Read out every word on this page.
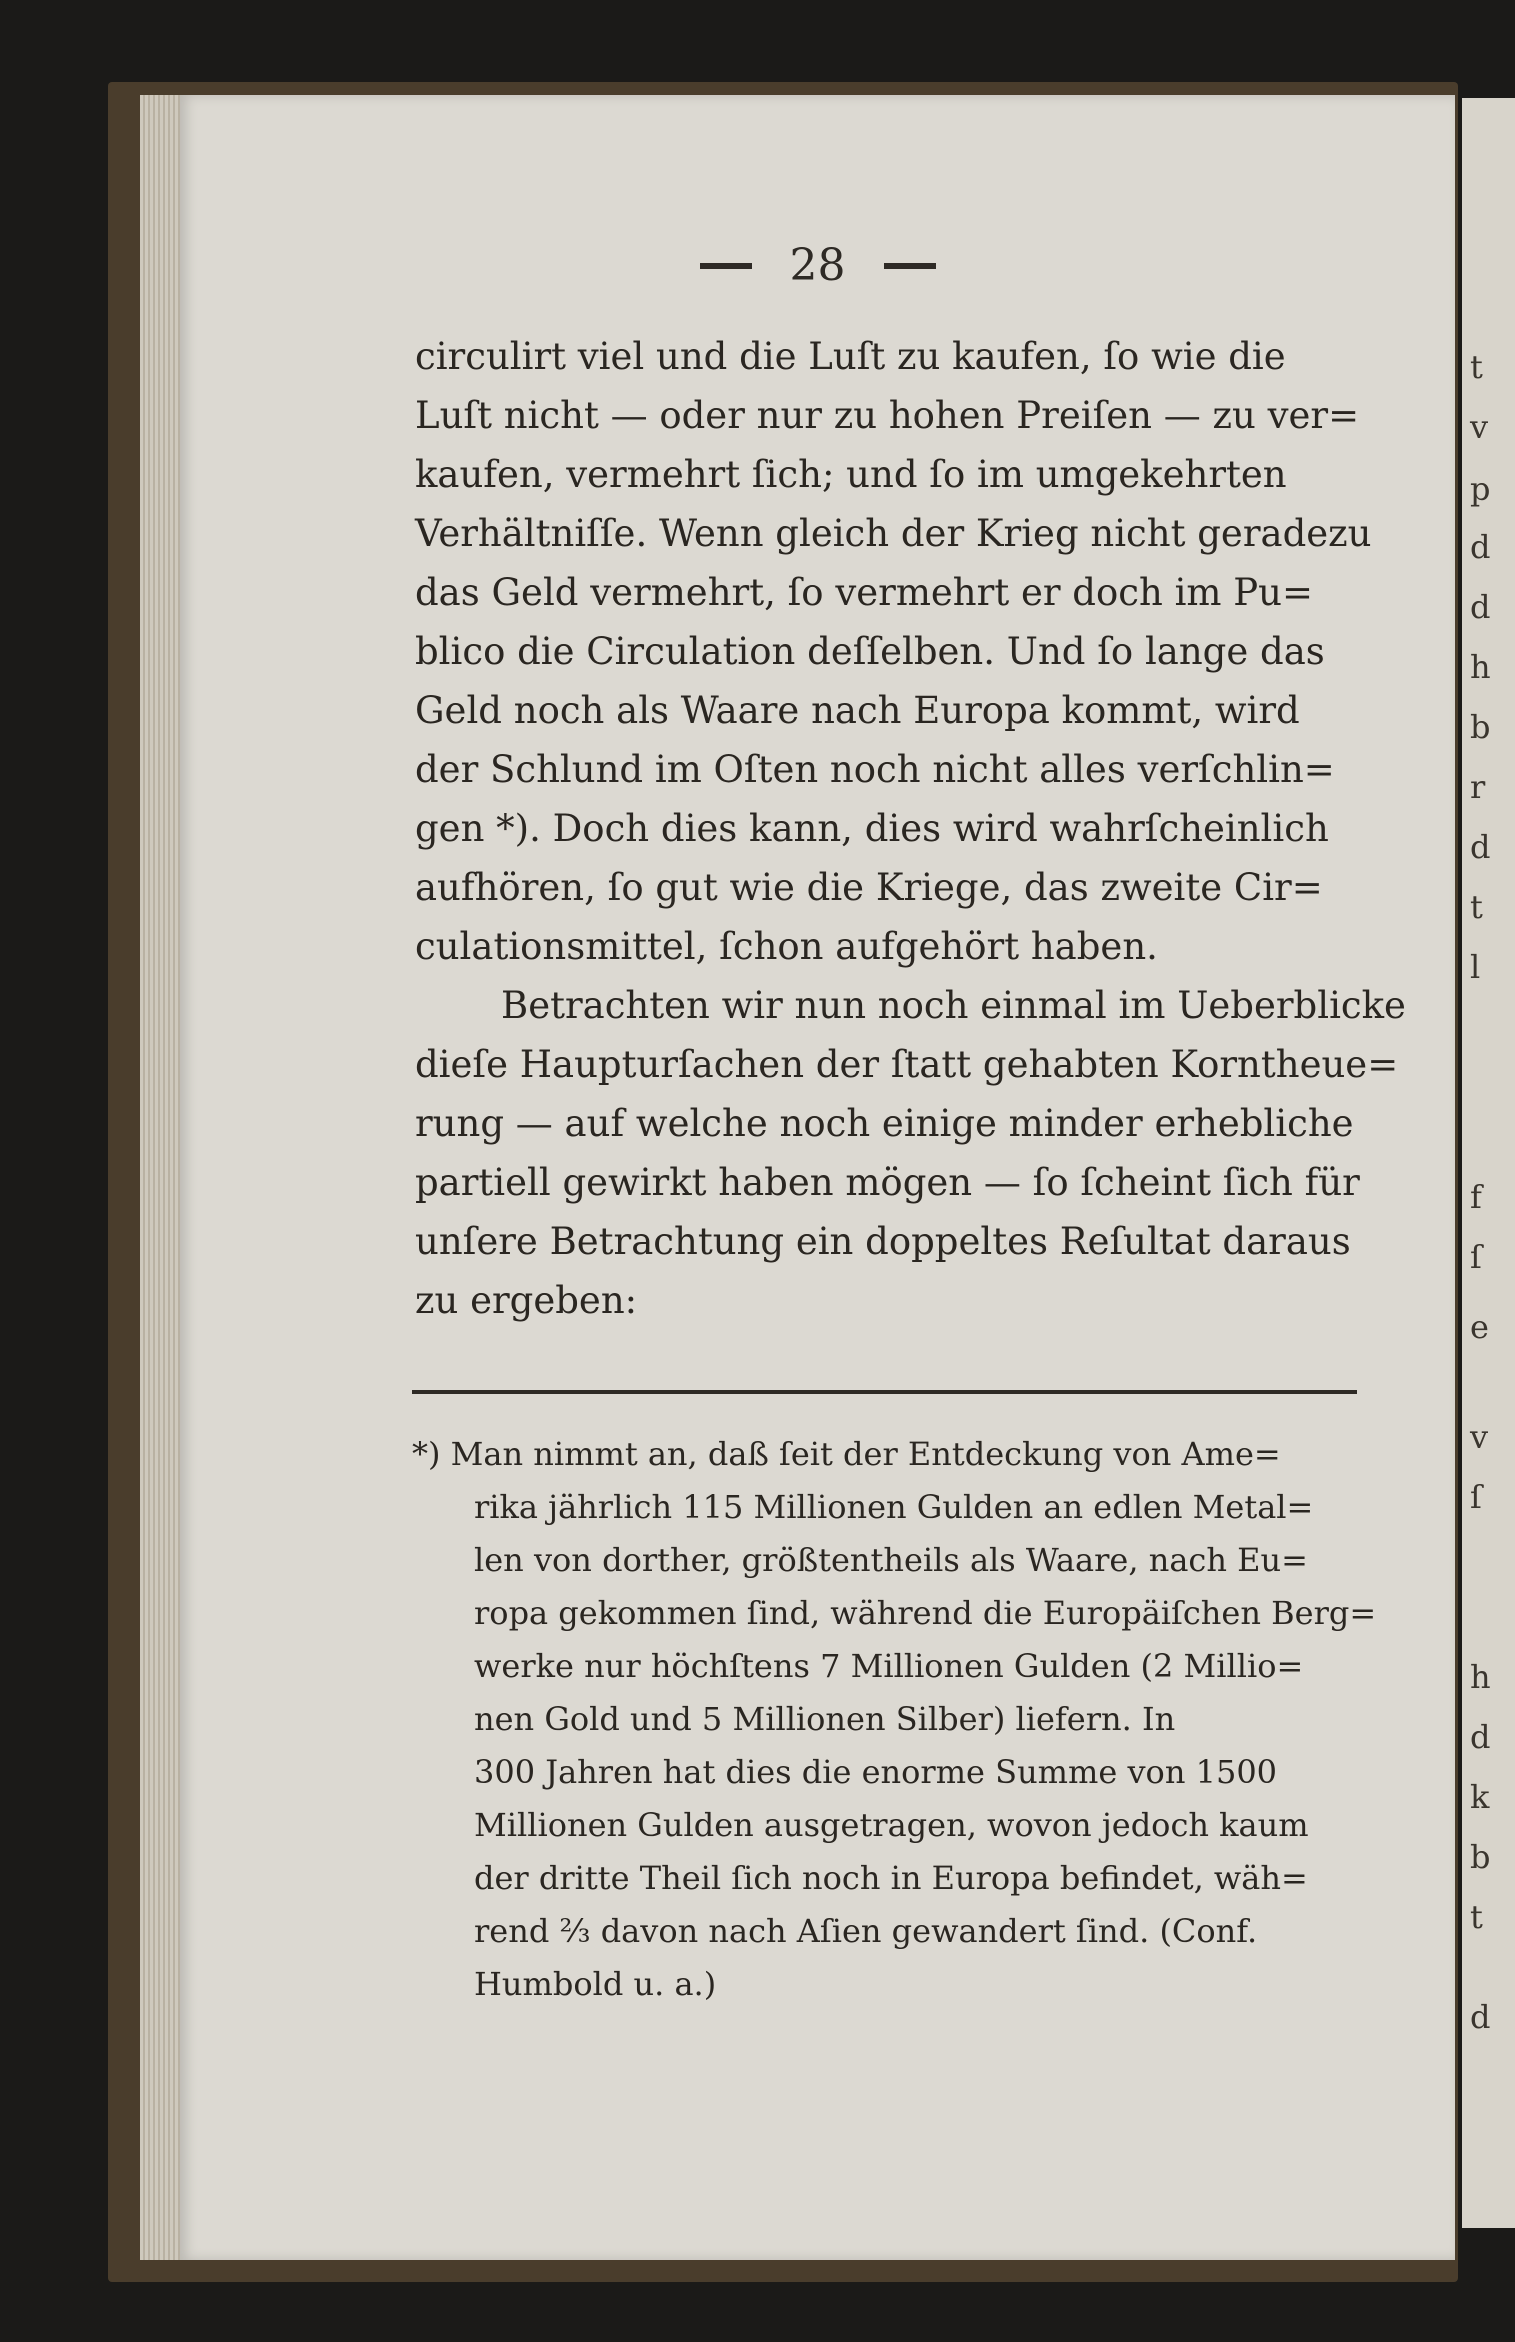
t
v
p
d
d
h
b
r
d
t
l
f
ſ
e
v
ſ
h
d
k
b
t
d
28
circulirt viel und die Luſt zu kaufen, ſo wie die
Luſt nicht — oder nur zu hohen Preiſen — zu ver=
kaufen, vermehrt ſich; und ſo im umgekehrten
Verhältniſſe. Wenn gleich der Krieg nicht geradezu
das Geld vermehrt, ſo vermehrt er doch im Pu=
blico die Circulation deſſelben. Und ſo lange das
Geld noch als Waare nach Europa kommt, wird
der Schlund im Oſten noch nicht alles verſchlin=
gen *). Doch dies kann, dies wird wahrſcheinlich
aufhören, ſo gut wie die Kriege, das zweite Cir=
culationsmittel, ſchon aufgehört haben.
Betrachten wir nun noch einmal im Ueberblicke
dieſe Haupturſachen der ſtatt gehabten Korntheue=
rung — auf welche noch einige minder erhebliche
partiell gewirkt haben mögen — ſo ſcheint ſich für
unſere Betrachtung ein doppeltes Reſultat daraus
zu ergeben:
*) Man nimmt an, daß ſeit der Entdeckung von Ame=
rika jährlich 115 Millionen Gulden an edlen Metal=
len von dorther, größtentheils als Waare, nach Eu=
ropa gekommen ſind, während die Europäiſchen Berg=
werke nur höchſtens 7 Millionen Gulden (2 Millio=
nen Gold und 5 Millionen Silber) liefern. In
300 Jahren hat dies die enorme Summe von 1500
Millionen Gulden ausgetragen, wovon jedoch kaum
der dritte Theil ſich noch in Europa befindet, wäh=
rend ⅔ davon nach Aſien gewandert ſind. (Conf.
Humbold u. a.)
